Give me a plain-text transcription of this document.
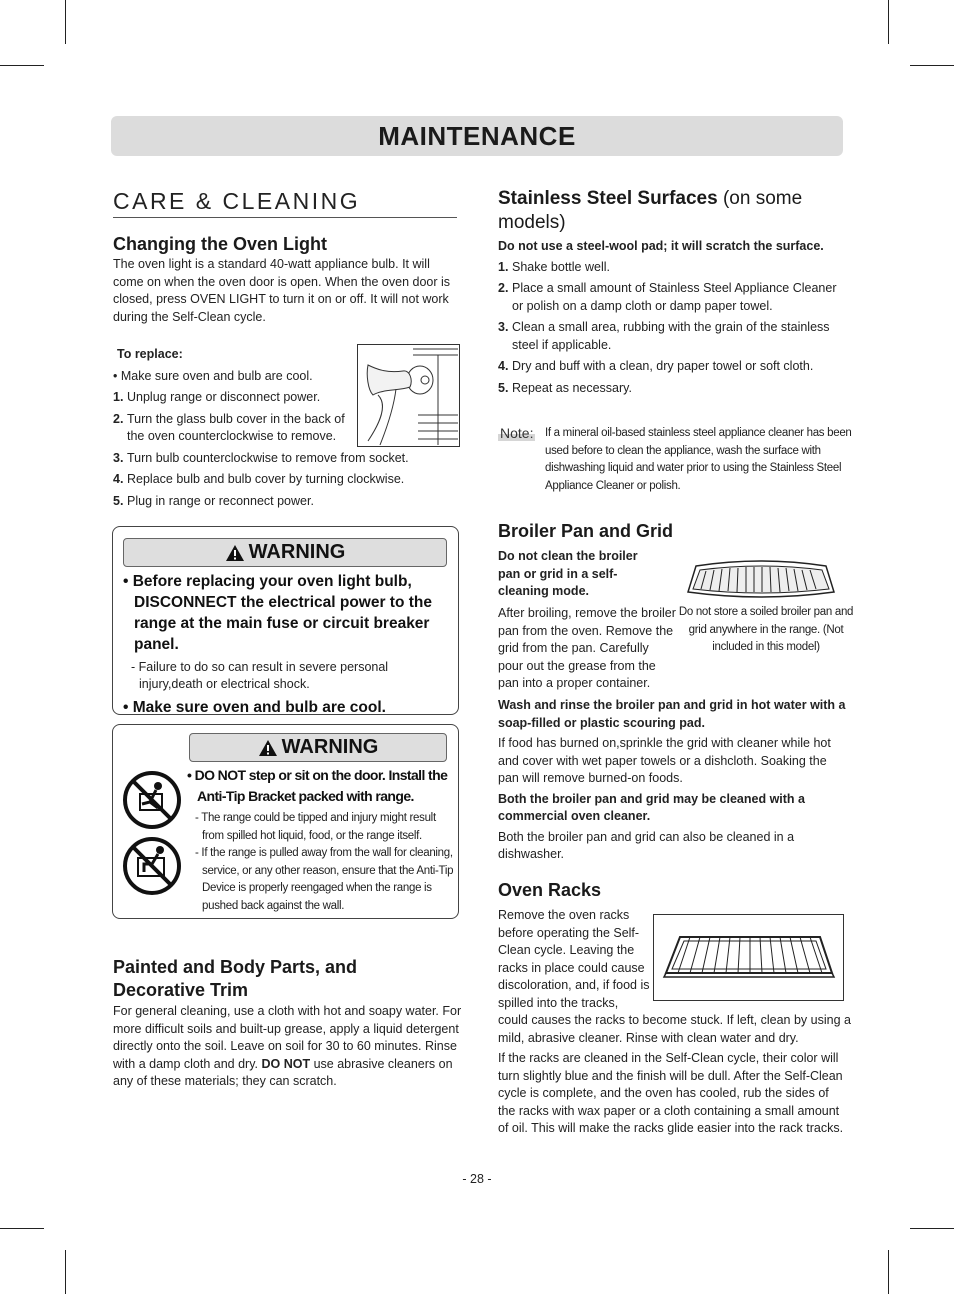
MAINTENANCE
CARE & CLEANING

Changing the Oven Light

The oven light is a standard 40-watt appliance bulb. It will come on when the oven door is open. When the oven door is closed, press OVEN LIGHT to turn it on or off. It will not work during the Self-Clean cycle.

To replace:

• Make sure oven and bulb are cool.

1. Unplug range or disconnect power.
2. Turn the glass bulb cover in the back of the oven counterclockwise to remove.
3. Turn bulb counterclockwise to remove from socket.
4. Replace bulb and bulb cover by turning clockwise.
5. Plug in range or reconnect power.
WARNING

• Before replacing your oven light bulb, DISCONNECT the electrical power to the range at the main fuse or circuit breaker panel.

- Failure to do so can result in severe personal injury,death or electrical shock.

• Make sure oven and bulb are cool.

WARNING

• DO NOT step or sit on the door. Install the Anti-Tip Bracket packed with range.

- The range could be tipped and injury might result from spilled hot liquid, food, or the range itself.

- If the range is pulled away from the wall for cleaning, service, or any other reason, ensure that the Anti-Tip Device is properly reengaged when the range is pushed back against the wall.

Painted and Body Parts, and Decorative Trim

For general cleaning, use a cloth with hot and soapy water. For more difficult soils and built-up grease, apply a liquid detergent directly onto the soil. Leave on soil for 30 to 60 minutes. Rinse with a damp cloth and dry. DO NOT use abrasive cleaners on any of these materials; they can scratch.

Stainless Steel Surfaces (on some models)

Do not use a steel-wool pad; it will scratch the surface.

1. Shake bottle well.
2. Place a small amount of Stainless Steel Appliance Cleaner or polish on a damp cloth or damp paper towel.
3. Clean a small area, rubbing with the grain of the stainless steel if applicable.
4. Dry and buff with a clean, dry paper towel or soft cloth.
5. Repeat as necessary.
Note: If a mineral oil-based stainless steel appliance cleaner has been used before to clean the appliance, wash the surface with dishwashing liquid and water prior to using the Stainless Steel Appliance Cleaner or polish.

Broiler Pan and Grid

Do not clean the broiler pan or grid in a self-cleaning mode.

After broiling, remove the broiler pan from the oven. Remove the grid from the pan. Carefully pour out the grease from the pan into a proper container.

Do not store a soiled broiler pan and grid anywhere in the range. (Not included in this model)

Wash and rinse the broiler pan and grid in hot water with a soap-filled or plastic scouring pad.

If food has burned on,sprinkle the grid with cleaner while hot and cover with wet paper towels or a dishcloth. Soaking the pan will remove burned-on foods.

Both the broiler pan and grid may be cleaned with a commercial oven cleaner.

Both the broiler pan and grid can also be cleaned in a dishwasher.

Oven Racks

Remove the oven racks before operating the Self-Clean cycle. Leaving the racks in place could cause discoloration, and, if food is spilled into the tracks,

could causes the racks to become stuck. If left, clean by using a mild, abrasive cleaner. Rinse with clean water and dry.

If the racks are cleaned in the Self-Clean cycle, their color will turn slightly blue and the finish will be dull. After the Self-Clean cycle is complete, and the oven has cooled, rub the sides of the racks with wax paper or a cloth containing a small amount of oil. This will make the racks glide easier into the rack tracks.

- 28 -
